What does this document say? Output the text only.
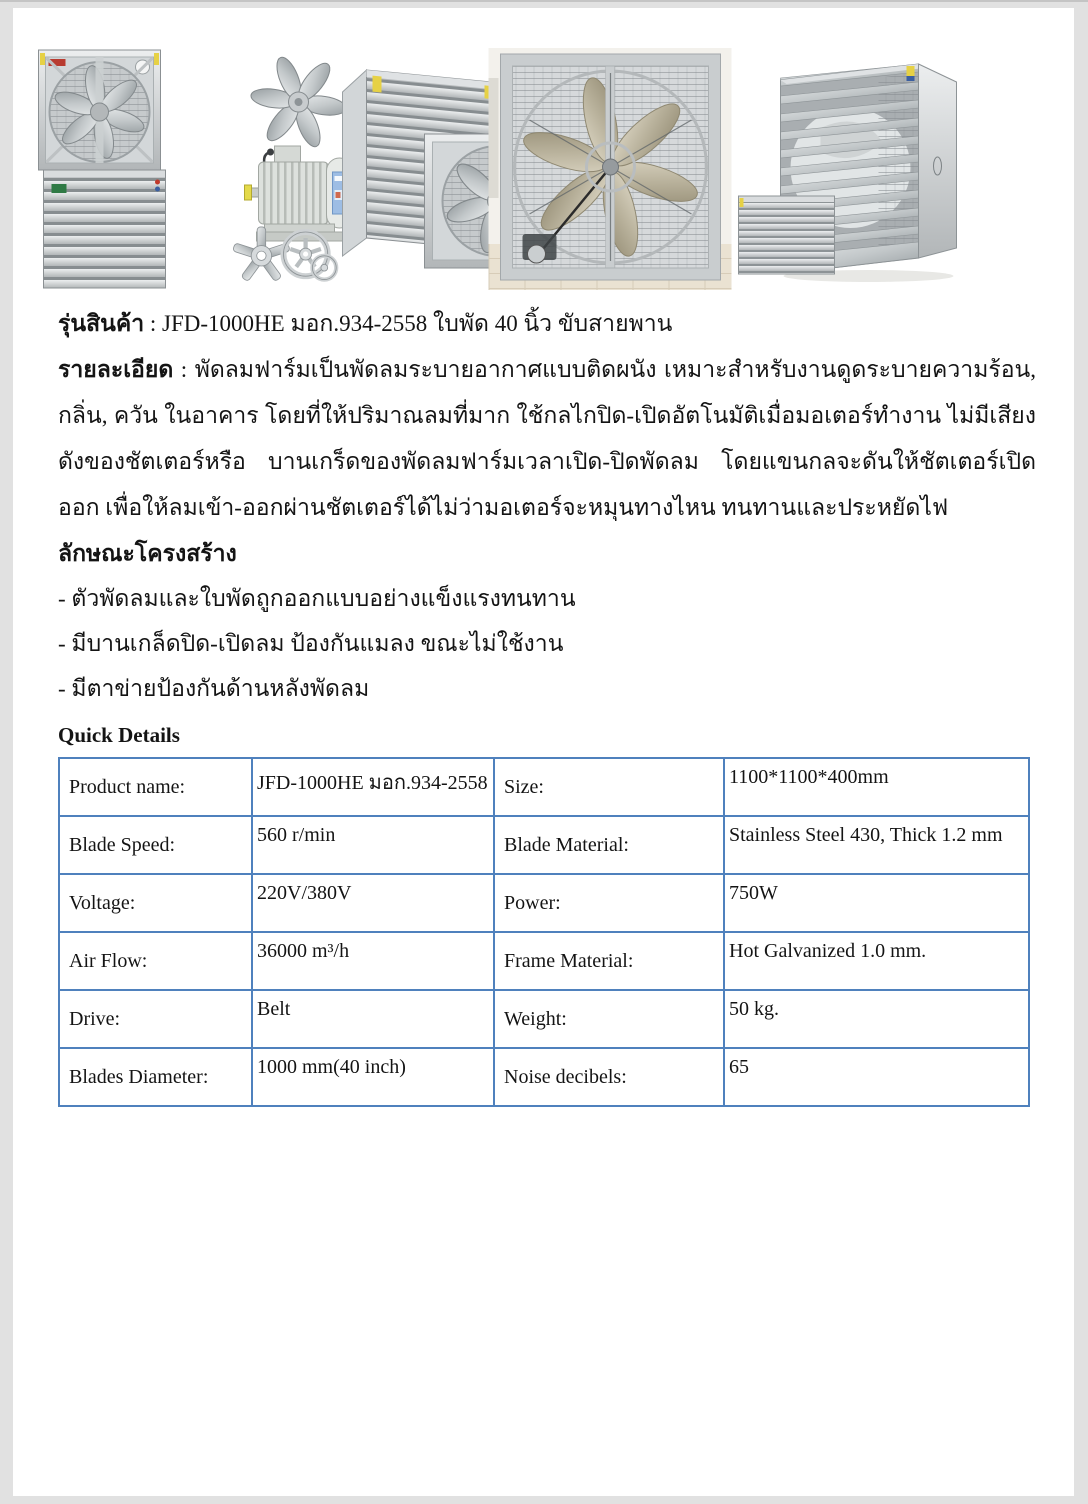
รุ่นสินค้า : JFD-1000HE มอก.934-2558 ใบพัด 40 นิ้ว ขับสายพาน

รายละเอียด : พัดลมฟาร์มเป็นพัดลมระบายอากาศแบบติดผนัง เหมาะสำหรับงานดูดระบายความร้อน, กลิ่น, ควัน ในอาคาร โดยที่ให้ปริมาณลมที่มาก ใช้กลไกปิด-เปิดอัตโนมัติเมื่อมอเตอร์ทำงาน ไม่มีเสียงดังของชัตเตอร์หรือ บานเกร็ดของพัดลมฟาร์มเวลาเปิด-ปิดพัดลม โดยแขนกลจะดันให้ชัตเตอร์เปิดออก เพื่อให้ลมเข้า-ออกผ่านชัตเตอร์ได้ไม่ว่ามอเตอร์จะหมุนทางไหน ทนทานและประหยัดไฟ

ลักษณะโครงสร้าง
- ตัวพัดลมและใบพัดถูกออกแบบอย่างแข็งแรงทนทาน
- มีบานเกล็ดปิด-เปิดลม ป้องกันแมลง ขณะไม่ใช้งาน
- มีตาข่ายป้องกันด้านหลังพัดลม
Quick Details
Product name:	JFD-1000HE มอก.934-2558	Size:	1100*1100*400mm
Blade Speed:	560 r/min	Blade Material:	Stainless Steel 430, Thick 1.2 mm
Voltage:	220V/380V	Power:	750W
Air Flow:	36000 m³/h	Frame Material:	Hot Galvanized 1.0 mm.
Drive:	Belt	Weight:	50 kg.
Blades Diameter:	1000 mm(40 inch)	Noise decibels:	65
